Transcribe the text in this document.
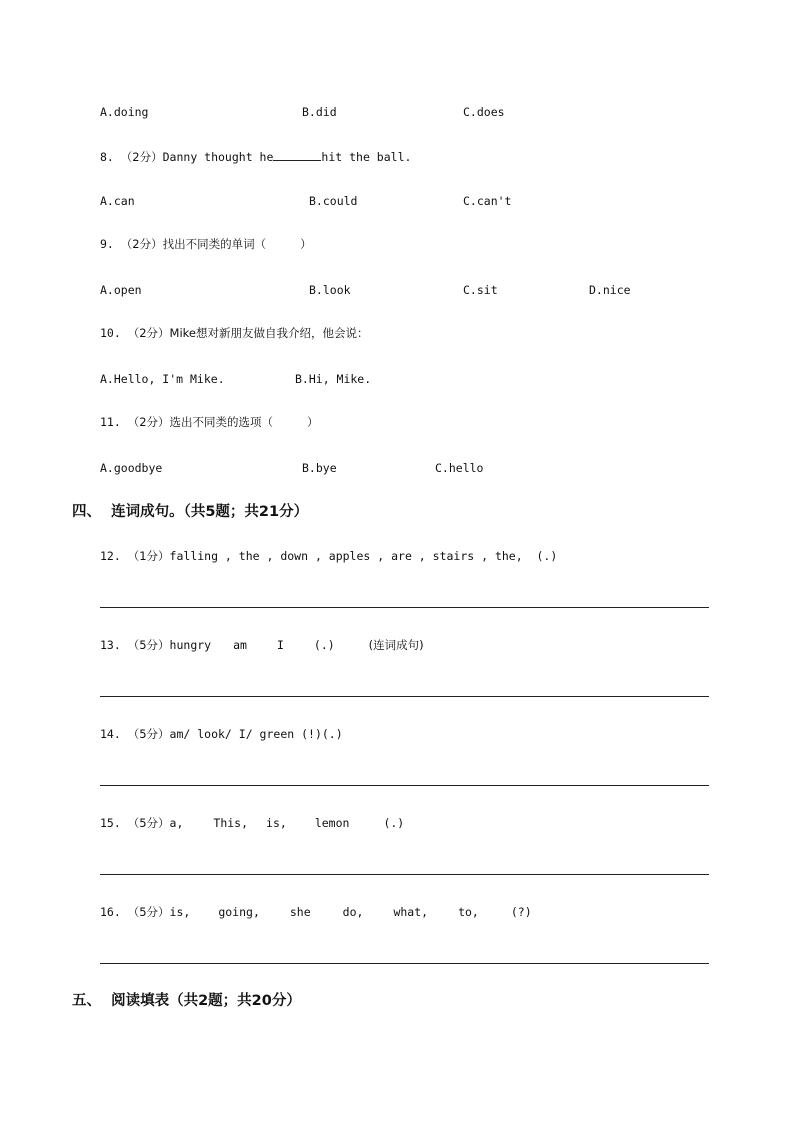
A.doing	B.did	C.does
8. （2分）Danny thought he	hit the ball.
A.can	B.could	C.can't
9. （2分）找出不同类的单词（	）
A.open	B.look	C.sit	D.nice
10. （2分）Mike想对新朋友做自我介绍，他会说：
A.Hello, I'm Mike.	B.Hi, Mike.
11. （2分）选出不同类的选项（	）
A.goodbye	B.bye	C.hello
四、  连词成句。（共5题；共21分）
12. （1分）falling , the , down , apples , are , stairs , the,  (.)
13. （5分）hungry am	I	(.)	(连词成句)
14. （5分）am/ look/ I/ green (!)(.)
15. （5分）a,	This, is, lemon	(.)
16. （5分）is, going,	she	do,	what,	to,	(?)
五、  阅读填表（共2题；共20分）
